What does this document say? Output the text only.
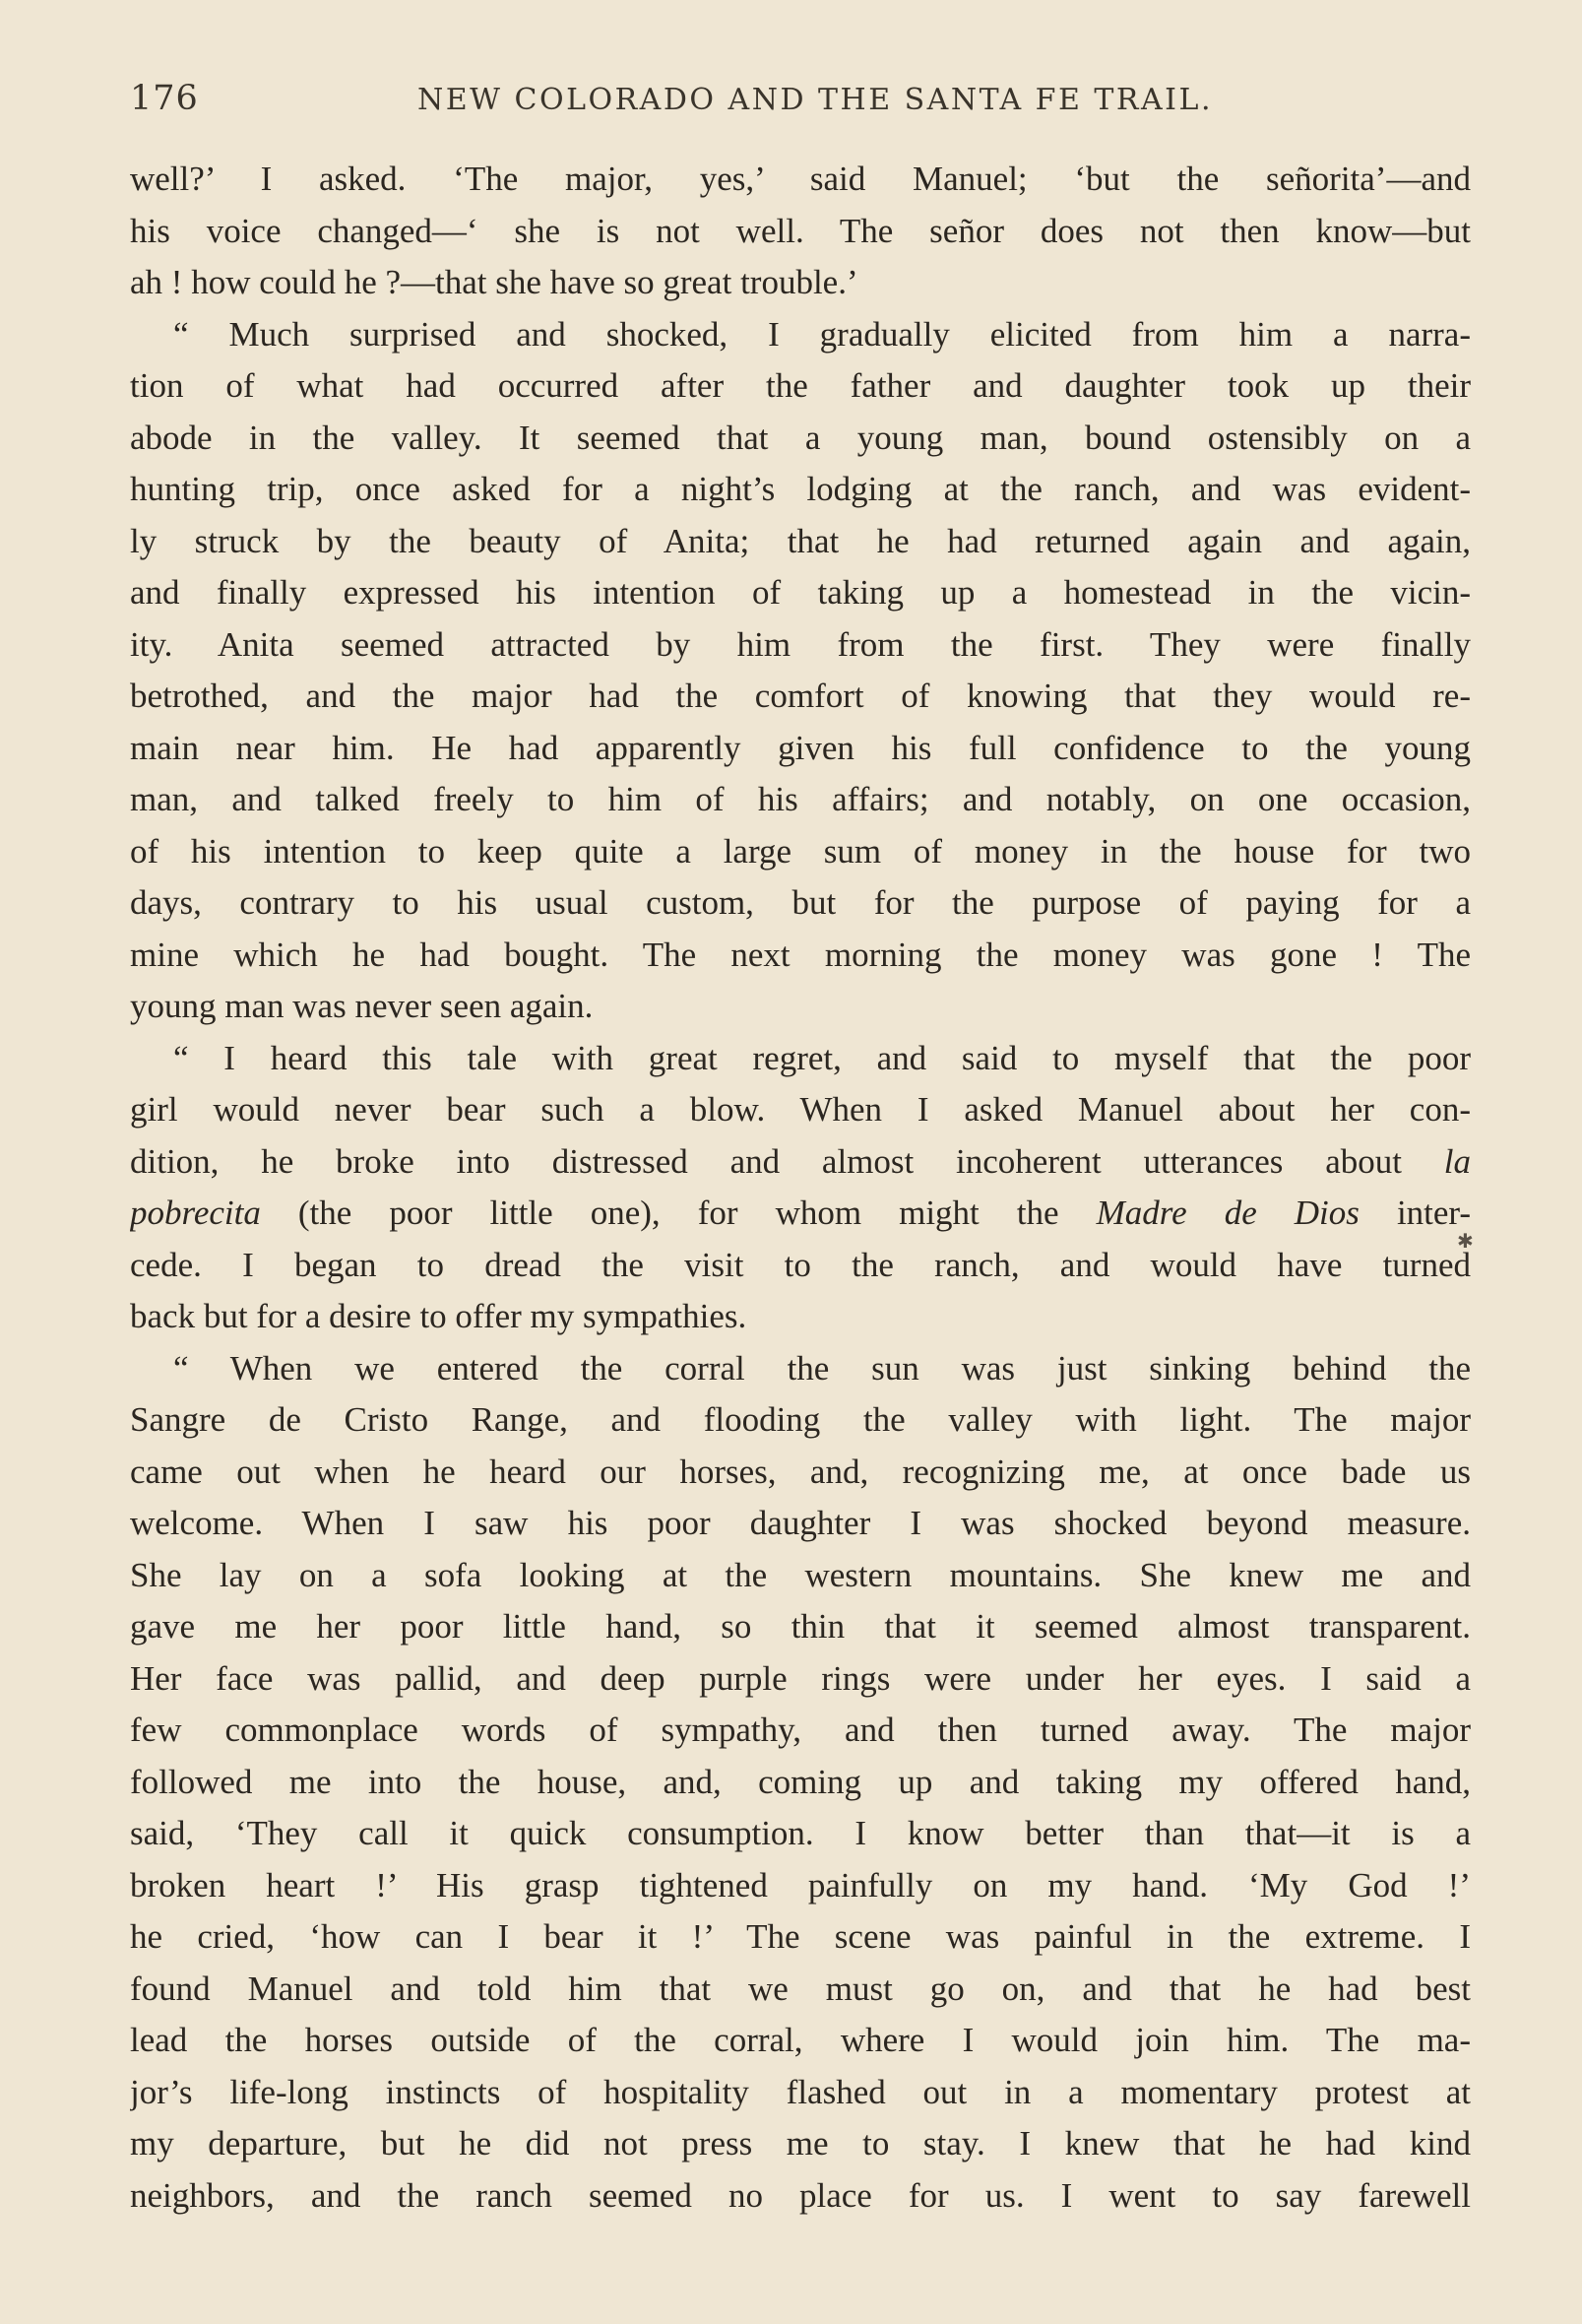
176	NEW COLORADO AND THE SANTA FE TRAIL.
well?’ I asked. ‘The major, yes,’ said Manuel; ‘but the señorita’—and
his voice changed—‘ she is not well. The señor does not then know—but
ah ! how could he ?—that she have so great trouble.’
“ Much surprised and shocked, I gradually elicited from him a narra-
tion of what had occurred after the father and daughter took up their
abode in the valley. It seemed that a young man, bound ostensibly on a
hunting trip, once asked for a night’s lodging at the ranch, and was evident-
ly struck by the beauty of Anita; that he had returned again and again,
and finally expressed his intention of taking up a homestead in the vicin-
ity. Anita seemed attracted by him from the first. They were finally
betrothed, and the major had the comfort of knowing that they would re-
main near him. He had apparently given his full confidence to the young
man, and talked freely to him of his affairs; and notably, on one occasion,
of his intention to keep quite a large sum of money in the house for two
days, contrary to his usual custom, but for the purpose of paying for a
mine which he had bought. The next morning the money was gone ! The
young man was never seen again.
“ I heard this tale with great regret, and said to myself that the poor
girl would never bear such a blow. When I asked Manuel about her con-
dition, he broke into distressed and almost incoherent utterances about la
pobrecita (the poor little one), for whom might the Madre de Dios inter-
cede. I began to dread the visit to the ranch, and would have turned
back but for a desire to offer my sympathies.
“ When we entered the corral the sun was just sinking behind the
Sangre de Cristo Range, and flooding the valley with light. The major
came out when he heard our horses, and, recognizing me, at once bade us
welcome. When I saw his poor daughter I was shocked beyond measure.
She lay on a sofa looking at the western mountains. She knew me and
gave me her poor little hand, so thin that it seemed almost transparent.
Her face was pallid, and deep purple rings were under her eyes. I said a
few commonplace words of sympathy, and then turned away. The major
followed me into the house, and, coming up and taking my offered hand,
said, ‘They call it quick consumption. I know better than that—it is a
broken heart !’ His grasp tightened painfully on my hand. ‘My God !’
he cried, ‘how can I bear it !’ The scene was painful in the extreme. I
found Manuel and told him that we must go on, and that he had best
lead the horses outside of the corral, where I would join him. The ma-
jor’s life-long instincts of hospitality flashed out in a momentary protest at
my departure, but he did not press me to stay. I knew that he had kind
neighbors, and the ranch seemed no place for us. I went to say farewell
✱
